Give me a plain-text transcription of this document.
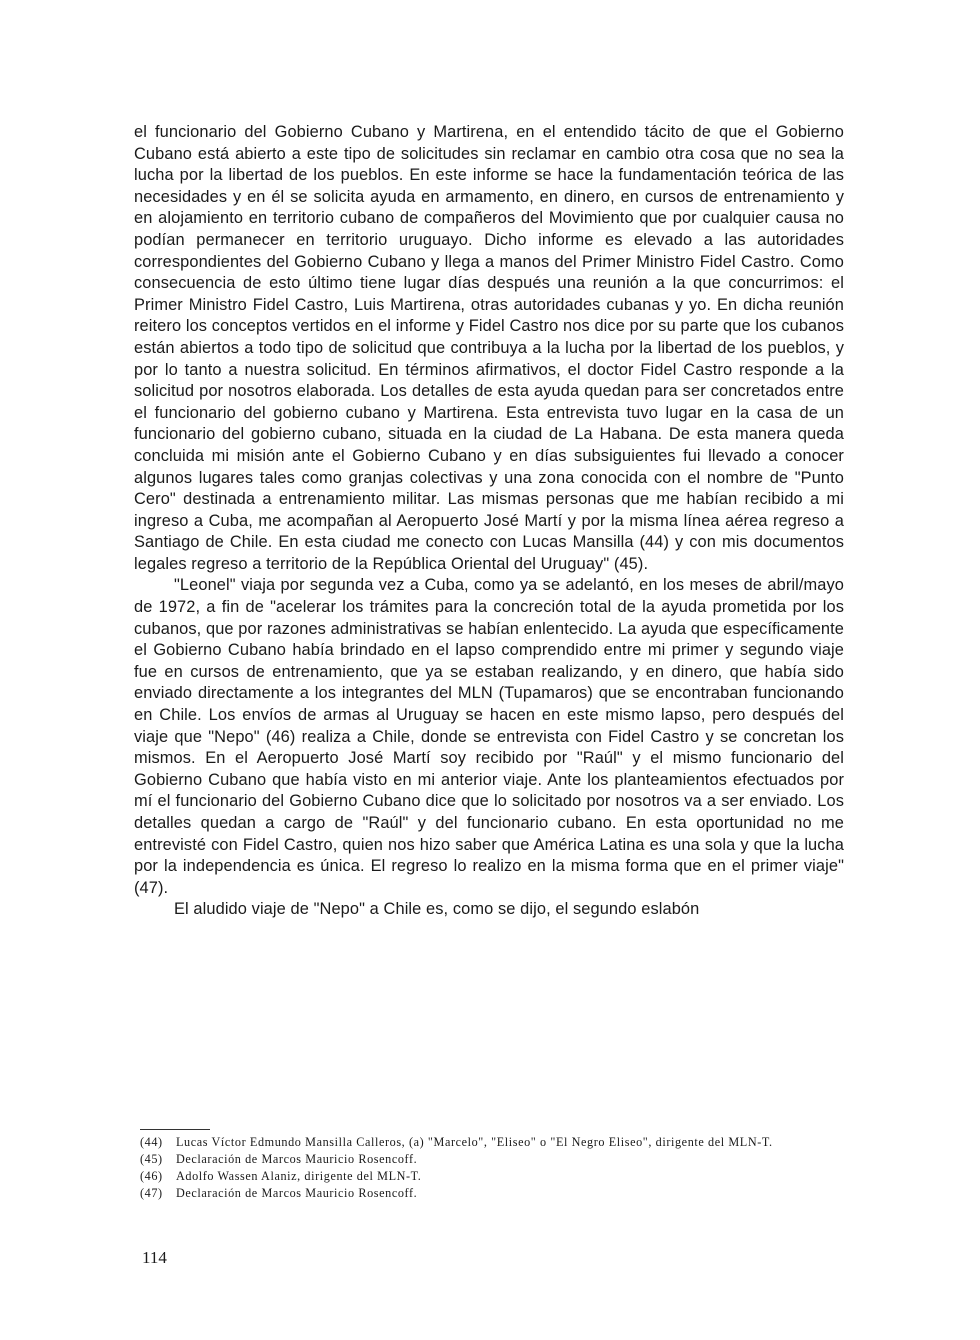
el funcionario del Gobierno Cubano y Martirena, en el entendido tácito de que el Gobierno Cubano está abierto a este tipo de solicitudes sin reclamar en cambio otra cosa que no sea la lucha por la libertad de los pueblos. En este informe se hace la fundamentación teórica de las necesidades y en él se solicita ayuda en armamento, en dinero, en cursos de entrenamiento y en alojamiento en territorio cubano de compañeros del Movimiento que por cualquier causa no podían permanecer en territorio uruguayo. Dicho informe es elevado a las autoridades correspondientes del Gobierno Cubano y llega a manos del Primer Ministro Fidel Castro. Como consecuencia de esto último tiene lugar días después una reunión a la que concurrimos: el Primer Ministro Fidel Castro, Luis Martirena, otras autoridades cubanas y yo. En dicha reunión reitero los conceptos vertidos en el informe y Fidel Castro nos dice por su parte que los cubanos están abiertos a todo tipo de solicitud que contribuya a la lucha por la libertad de los pueblos, y por lo tanto a nuestra solicitud. En términos afirmativos, el doctor Fidel Castro responde a la solicitud por nosotros elaborada. Los detalles de esta ayuda quedan para ser concretados entre el funcionario del gobierno cubano y Martirena. Esta entrevista tuvo lugar en la casa de un funcionario del gobierno cubano, situada en la ciudad de La Habana. De esta manera queda concluida mi misión ante el Gobierno Cubano y en días subsiguientes fui llevado a conocer algunos lugares tales como granjas colectivas y una zona conocida con el nombre de "Punto Cero" destinada a entrenamiento militar. Las mismas personas que me habían recibido a mi ingreso a Cuba, me acompañan al Aeropuerto José Martí y por la misma línea aérea regreso a Santiago de Chile. En esta ciudad me conecto con Lucas Mansilla (44) y con mis documentos legales regreso a territorio de la República Oriental del Uruguay" (45).

"Leonel" viaja por segunda vez a Cuba, como ya se adelantó, en los meses de abril/mayo de 1972, a fin de "acelerar los trámites para la concreción total de la ayuda prometida por los cubanos, que por razones administrativas se habían enlentecido. La ayuda que específicamente el Gobierno Cubano había brindado en el lapso comprendido entre mi primer y segundo viaje fue en cursos de entrenamiento, que ya se estaban realizando, y en dinero, que había sido enviado directamente a los integrantes del MLN (Tupamaros) que se encontraban funcionando en Chile. Los envíos de armas al Uruguay se hacen en este mismo lapso, pero después del viaje que "Nepo" (46) realiza a Chile, donde se entrevista con Fidel Castro y se concretan los mismos. En el Aeropuerto José Martí soy recibido por "Raúl" y el mismo funcionario del Gobierno Cubano que había visto en mi anterior viaje. Ante los planteamientos efectuados por mí el funcionario del Gobierno Cubano dice que lo solicitado por nosotros va a ser enviado. Los detalles quedan a cargo de "Raúl" y del funcionario cubano. En esta oportunidad no me entrevisté con Fidel Castro, quien nos hizo saber que América Latina es una sola y que la lucha por la independencia es única. El regreso lo realizo en la misma forma que en el primer viaje" (47).

El aludido viaje de "Nepo" a Chile es, como se dijo, el segundo eslabón

(44)	Lucas Víctor Edmundo Mansilla Calleros, (a) "Marcelo", "Eliseo" o "El Negro Eliseo", dirigente del MLN-T.
(45)	Declaración de Marcos Mauricio Rosencoff.
(46)	Adolfo Wassen Alaniz, dirigente del MLN-T.
(47)	Declaración de Marcos Mauricio Rosencoff.
114
